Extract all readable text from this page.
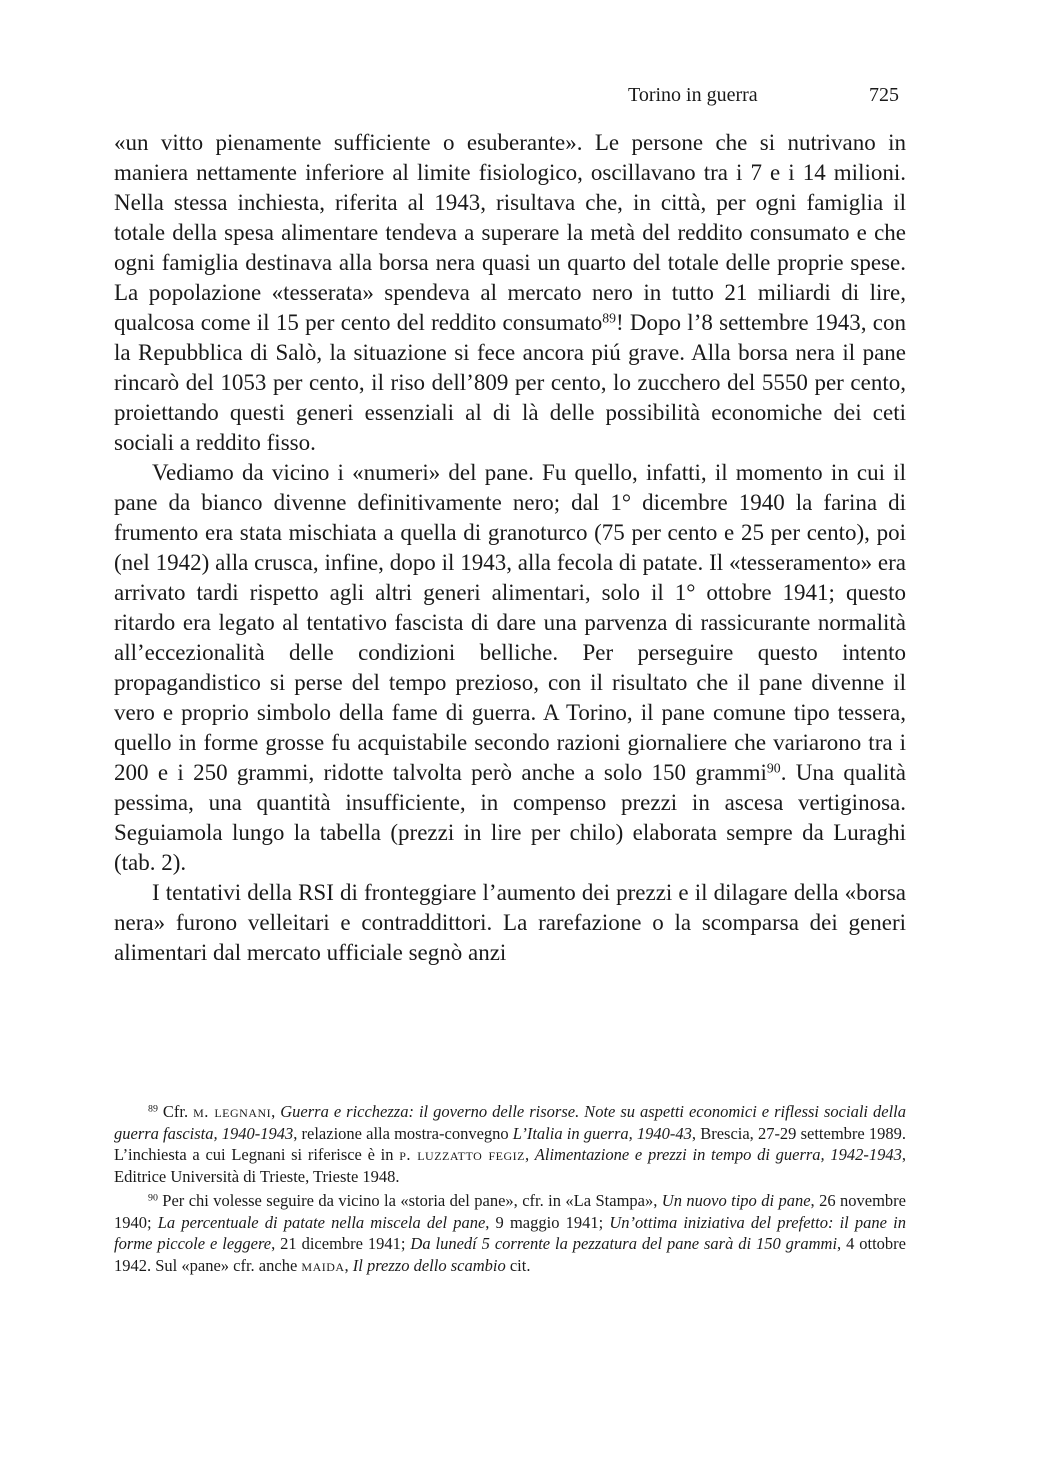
Torino in guerra	725

«un vitto pienamente sufficiente o esuberante». Le persone che si nutrivano in maniera nettamente inferiore al limite fisiologico, oscillavano tra i 7 e i 14 milioni. Nella stessa inchiesta, riferita al 1943, risultava che, in città, per ogni famiglia il totale della spesa alimentare tendeva a superare la metà del reddito consumato e che ogni famiglia destinava alla borsa nera quasi un quarto del totale delle proprie spese. La popolazione «tesserata» spendeva al mercato nero in tutto 21 miliardi di lire, qualcosa come il 15 per cento del reddito consumato$^{89}$! Dopo l’8 settembre 1943, con la Repubblica di Salò, la situazione si fece ancora piú grave. Alla borsa nera il pane rincarò del 1053 per cento, il riso dell’809 per cento, lo zucchero del 5550 per cento, proiettando questi generi essenziali al di là delle possibilità economiche dei ceti sociali a reddito fisso.

Vediamo da vicino i «numeri» del pane. Fu quello, infatti, il momento in cui il pane da bianco divenne definitivamente nero; dal 1° dicembre 1940 la farina di frumento era stata mischiata a quella di granoturco (75 per cento e 25 per cento), poi (nel 1942) alla crusca, infine, dopo il 1943, alla fecola di patate. Il «tesseramento» era arrivato tardi rispetto agli altri generi alimentari, solo il 1° ottobre 1941; questo ritardo era legato al tentativo fascista di dare una parvenza di rassicurante normalità all’eccezionalità delle condizioni belliche. Per perseguire questo intento propagandistico si perse del tempo prezioso, con il risultato che il pane divenne il vero e proprio simbolo della fame di guerra. A Torino, il pane comune tipo tessera, quello in forme grosse fu acquistabile secondo razioni giornaliere che variarono tra i 200 e i 250 grammi, ridotte talvolta però anche a solo 150 grammi$^{90}$. Una qualità pessima, una quantità insufficiente, in compenso prezzi in ascesa vertiginosa. Seguiamola lungo la tabella (prezzi in lire per chilo) elaborata sempre da Luraghi (tab. 2).

I tentativi della RSI di fronteggiare l’aumento dei prezzi e il dilagare della «borsa nera» furono velleitari e contraddittori. La rarefazione o la scomparsa dei generi alimentari dal mercato ufficiale segnò anzi

$^{89}$ Cfr. m. legnani, Guerra e ricchezza: il governo delle risorse. Note su aspetti economici e riflessi sociali della guerra fascista, 1940-1943, relazione alla mostra-convegno L’Italia in guerra, 1940-43, Brescia, 27-29 settembre 1989. L’inchiesta a cui Legnani si riferisce è in p. luzzatto fegiz, Alimentazione e prezzi in tempo di guerra, 1942-1943, Editrice Università di Trieste, Trieste 1948.

$^{90}$ Per chi volesse seguire da vicino la «storia del pane», cfr. in «La Stampa», Un nuovo tipo di pane, 26 novembre 1940; La percentuale di patate nella miscela del pane, 9 maggio 1941; Un’ottima iniziativa del prefetto: il pane in forme piccole e leggere, 21 dicembre 1941; Da lunedí 5 corrente la pezzatura del pane sarà di 150 grammi, 4 ottobre 1942. Sul «pane» cfr. anche maida, Il prezzo dello scambio cit.
